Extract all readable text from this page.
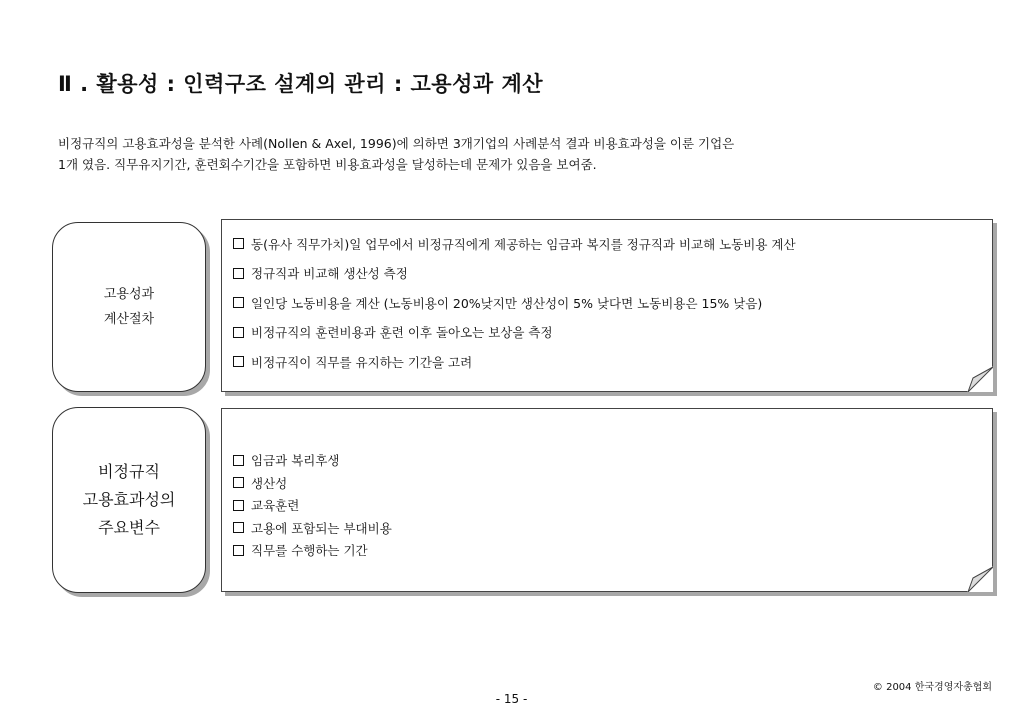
Ⅱ . 활용성 : 인력구조 설계의 관리 : 고용성과 계산

비정규직의 고용효과성을 분석한 사례(Nollen & Axel, 1996)에 의하면 3개기업의 사례분석 결과 비용효과성을 이룬 기업은

1개 였음. 직무유지기간, 훈련회수기간을 포함하면 비용효과성을 달성하는데 문제가 있음을 보여줌.

고용성과
계산절차
동(유사 직무가치)일 업무에서 비정규직에게 제공하는 임금과 복지를 정규직과 비교해 노동비용 계산
정규직과 비교해 생산성 측정
일인당 노동비용을 계산 (노동비용이 20%낮지만 생산성이 5% 낮다면 노동비용은 15% 낮음)
비정규직의 훈련비용과 훈련 이후 돌아오는 보상을 측정
비정규직이 직무를 유지하는 기간을 고려
비정규직
고용효과성의
주요변수
임금과 복리후생
생산성
교육훈련
고용에 포함되는 부대비용
직무를 수행하는 기간
© 2004 한국경영자총협회
- 15 -
